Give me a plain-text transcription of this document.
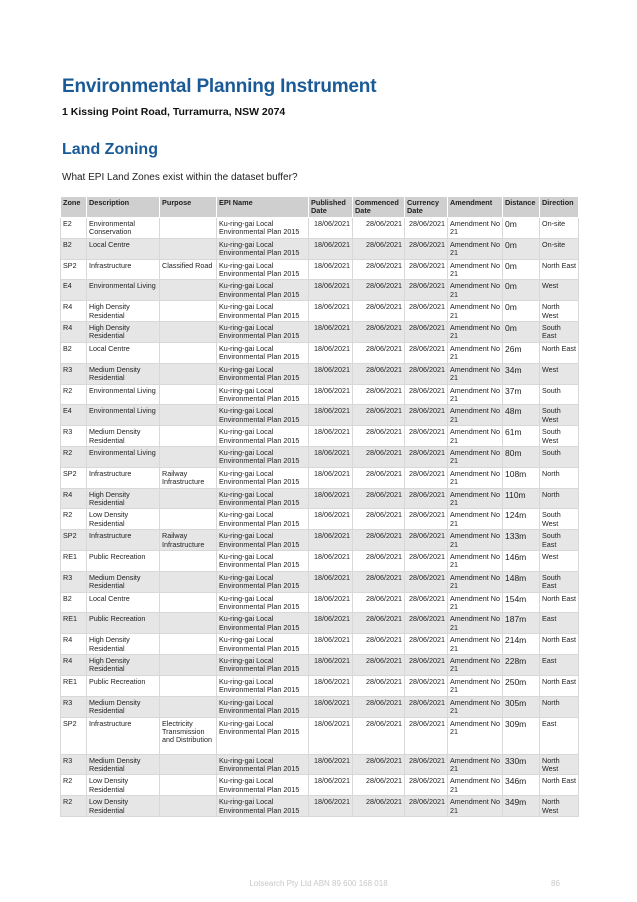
Environmental Planning Instrument
1 Kissing Point Road, Turramurra, NSW 2074
Land Zoning
What EPI Land Zones exist within the dataset buffer?
Zone	Description	Purpose	EPI Name	Published Date	Commenced Date	Currency Date	Amendment	Distance	Direction
E2	Environmental Conservation		Ku-ring-gai Local Environmental Plan 2015	18/06/2021	28/06/2021	28/06/2021	Amendment No 21	0m	On-site
B2	Local Centre		Ku-ring-gai Local Environmental Plan 2015	18/06/2021	28/06/2021	28/06/2021	Amendment No 21	0m	On-site
SP2	Infrastructure	Classified Road	Ku-ring-gai Local Environmental Plan 2015	18/06/2021	28/06/2021	28/06/2021	Amendment No 21	0m	North East
E4	Environmental Living		Ku-ring-gai Local Environmental Plan 2015	18/06/2021	28/06/2021	28/06/2021	Amendment No 21	0m	West
R4	High Density Residential		Ku-ring-gai Local Environmental Plan 2015	18/06/2021	28/06/2021	28/06/2021	Amendment No 21	0m	North West
R4	High Density Residential		Ku-ring-gai Local Environmental Plan 2015	18/06/2021	28/06/2021	28/06/2021	Amendment No 21	0m	South East
B2	Local Centre		Ku-ring-gai Local Environmental Plan 2015	18/06/2021	28/06/2021	28/06/2021	Amendment No 21	26m	North East
R3	Medium Density Residential		Ku-ring-gai Local Environmental Plan 2015	18/06/2021	28/06/2021	28/06/2021	Amendment No 21	34m	West
R2	Environmental Living		Ku-ring-gai Local Environmental Plan 2015	18/06/2021	28/06/2021	28/06/2021	Amendment No 21	37m	South
E4	Environmental Living		Ku-ring-gai Local Environmental Plan 2015	18/06/2021	28/06/2021	28/06/2021	Amendment No 21	48m	South West
R3	Medium Density Residential		Ku-ring-gai Local Environmental Plan 2015	18/06/2021	28/06/2021	28/06/2021	Amendment No 21	61m	South West
R2	Environmental Living		Ku-ring-gai Local Environmental Plan 2015	18/06/2021	28/06/2021	28/06/2021	Amendment No 21	80m	South
SP2	Infrastructure	Railway Infrastructure	Ku-ring-gai Local Environmental Plan 2015	18/06/2021	28/06/2021	28/06/2021	Amendment No 21	108m	North
R4	High Density Residential		Ku-ring-gai Local Environmental Plan 2015	18/06/2021	28/06/2021	28/06/2021	Amendment No 21	110m	North
R2	Low Density Residential		Ku-ring-gai Local Environmental Plan 2015	18/06/2021	28/06/2021	28/06/2021	Amendment No 21	124m	South West
SP2	Infrastructure	Railway Infrastructure	Ku-ring-gai Local Environmental Plan 2015	18/06/2021	28/06/2021	28/06/2021	Amendment No 21	133m	South East
RE1	Public Recreation		Ku-ring-gai Local Environmental Plan 2015	18/06/2021	28/06/2021	28/06/2021	Amendment No 21	146m	West
R3	Medium Density Residential		Ku-ring-gai Local Environmental Plan 2015	18/06/2021	28/06/2021	28/06/2021	Amendment No 21	148m	South East
B2	Local Centre		Ku-ring-gai Local Environmental Plan 2015	18/06/2021	28/06/2021	28/06/2021	Amendment No 21	154m	North East
RE1	Public Recreation		Ku-ring-gai Local Environmental Plan 2015	18/06/2021	28/06/2021	28/06/2021	Amendment No 21	187m	East
R4	High Density Residential		Ku-ring-gai Local Environmental Plan 2015	18/06/2021	28/06/2021	28/06/2021	Amendment No 21	214m	North East
R4	High Density Residential		Ku-ring-gai Local Environmental Plan 2015	18/06/2021	28/06/2021	28/06/2021	Amendment No 21	228m	East
RE1	Public Recreation		Ku-ring-gai Local Environmental Plan 2015	18/06/2021	28/06/2021	28/06/2021	Amendment No 21	250m	North East
R3	Medium Density Residential		Ku-ring-gai Local Environmental Plan 2015	18/06/2021	28/06/2021	28/06/2021	Amendment No 21	305m	North
SP2	Infrastructure	Electricity Transmission and Distribution	Ku-ring-gai Local Environmental Plan 2015	18/06/2021	28/06/2021	28/06/2021	Amendment No 21	309m	East
R3	Medium Density Residential		Ku-ring-gai Local Environmental Plan 2015	18/06/2021	28/06/2021	28/06/2021	Amendment No 21	330m	North West
R2	Low Density Residential		Ku-ring-gai Local Environmental Plan 2015	18/06/2021	28/06/2021	28/06/2021	Amendment No 21	346m	North East
R2	Low Density Residential		Ku-ring-gai Local Environmental Plan 2015	18/06/2021	28/06/2021	28/06/2021	Amendment No 21	349m	North West
Lotsearch Pty Ltd ABN 89 600 168 018	86
